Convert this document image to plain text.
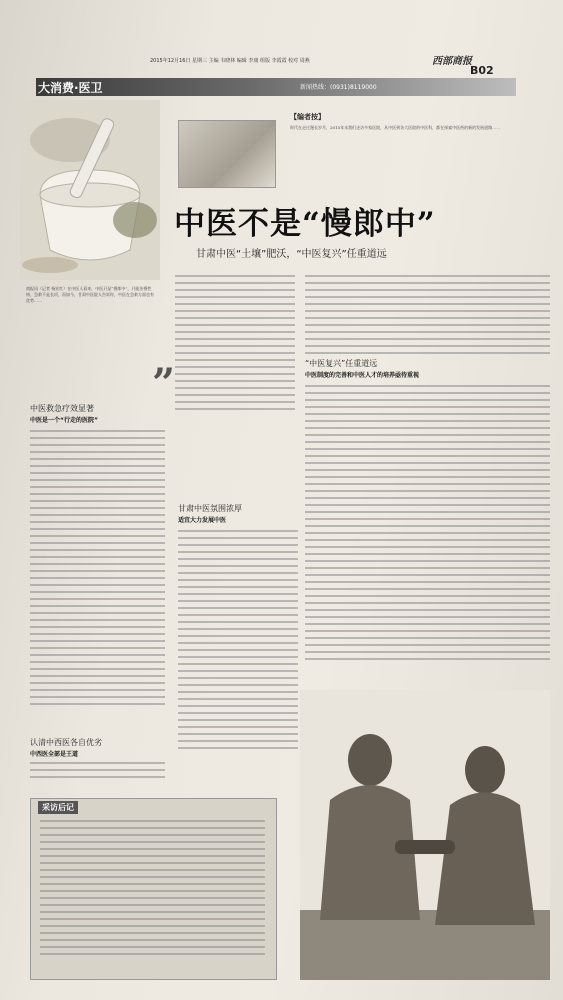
2015年12月16日 星期三 主编 韦晓林 编辑 李康 组版 李霞霞 校对 周燕	西部商报
B02
大消费·医卫	新闻热线：(0931)8119000
商报讯（记者 杨宏红）在中医人看来，中医只是“慢郎中”，只能治慢性病，急救不是长项，而如今，甘肃中医院人告诉你，中医在急救方面也有优势……
”
【编者按】
时代在走过漫长岁月，2015年末我们走访多家医院，从中医到各大医院的中医科，都在探索中医药的新的发展道路……
中医不是“慢郎中”
甘肃中医“土壤”肥沃，“中医复兴”任重道远
中医救急疗效显著
中医是一个“行走的医院”
认清中西医各自优劣
中西医全部是王道
甘肃中医氛围浓厚
适宜大力发展中医
“中医复兴”任重道远
中医制度的完善和中医人才的培养亟待重视
采访后记
